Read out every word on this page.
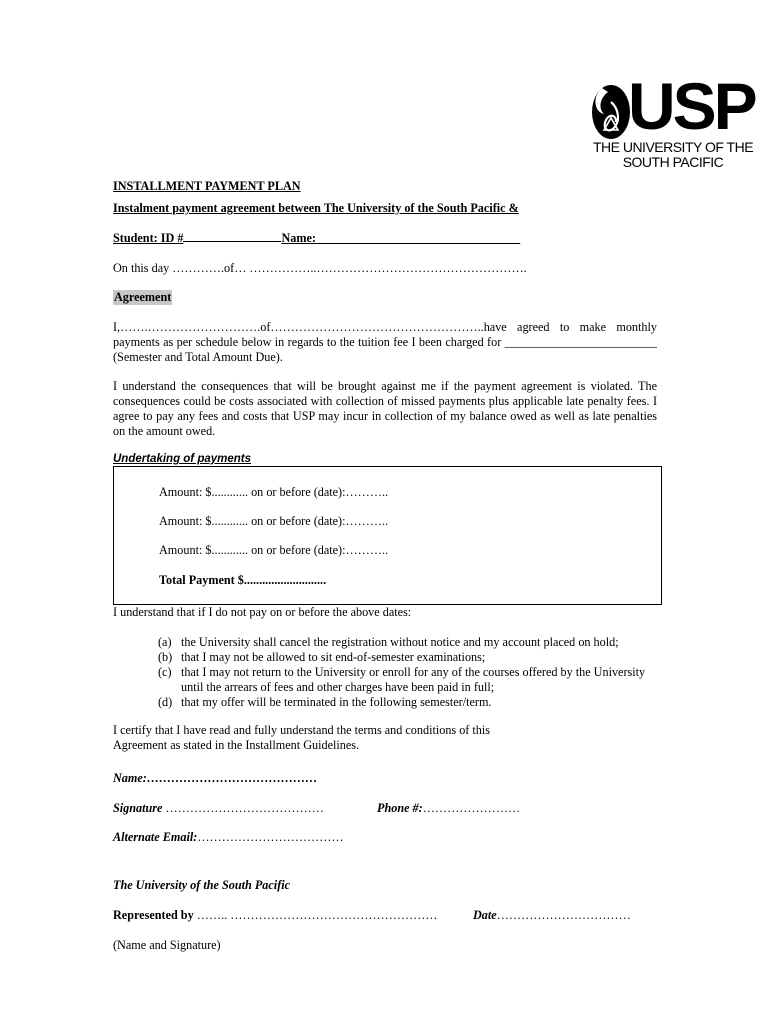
USP
THE UNIVERSITY OF THE
SOUTH PACIFIC
INSTALLMENT PAYMENT PLAN
Instalment payment agreement between The University of the South Pacific &
Student: ID #	Name: _________________________________
On this day ………….of… ……………..…………………………………………….
Agreement
I,…….……………………….of……………………………………………..have agreed to make monthly payments as per schedule below in regards to the tuition fee I been charged for _________________________ (Semester and Total Amount Due).
I understand the consequences that will be brought against me if the payment agreement is violated. The consequences could be costs associated with collection of missed payments plus applicable late penalty fees. I agree to pay any fees and costs that USP may incur in collection of my balance owed as well as late penalties on the amount owed.
Undertaking of payments
Amount: $............ on or before (date):………..
Amount: $............ on or before (date):………..
Amount: $............ on or before (date):………..
Total Payment $...........................
I understand that if I do not pay on or before the above dates:
(a) the University shall cancel the registration without notice and my account placed on hold;
(b) that I may not be allowed to sit end-of-semester examinations;
(c) that I may not return to the University or enroll for any of the courses offered by the University until the arrears of fees and other charges have been paid in full;
(d) that my offer will be terminated in the following semester/term.
I certify that I have read and fully understand the terms and conditions of this Agreement as stated in the Installment Guidelines.
Name:……………………………………
Signature …………………………………	Phone #:……………………
Alternate Email:………………………………
The University of the South Pacific
Represented by …….. ……………………………………………	Date……………………………
(Name and Signature)
